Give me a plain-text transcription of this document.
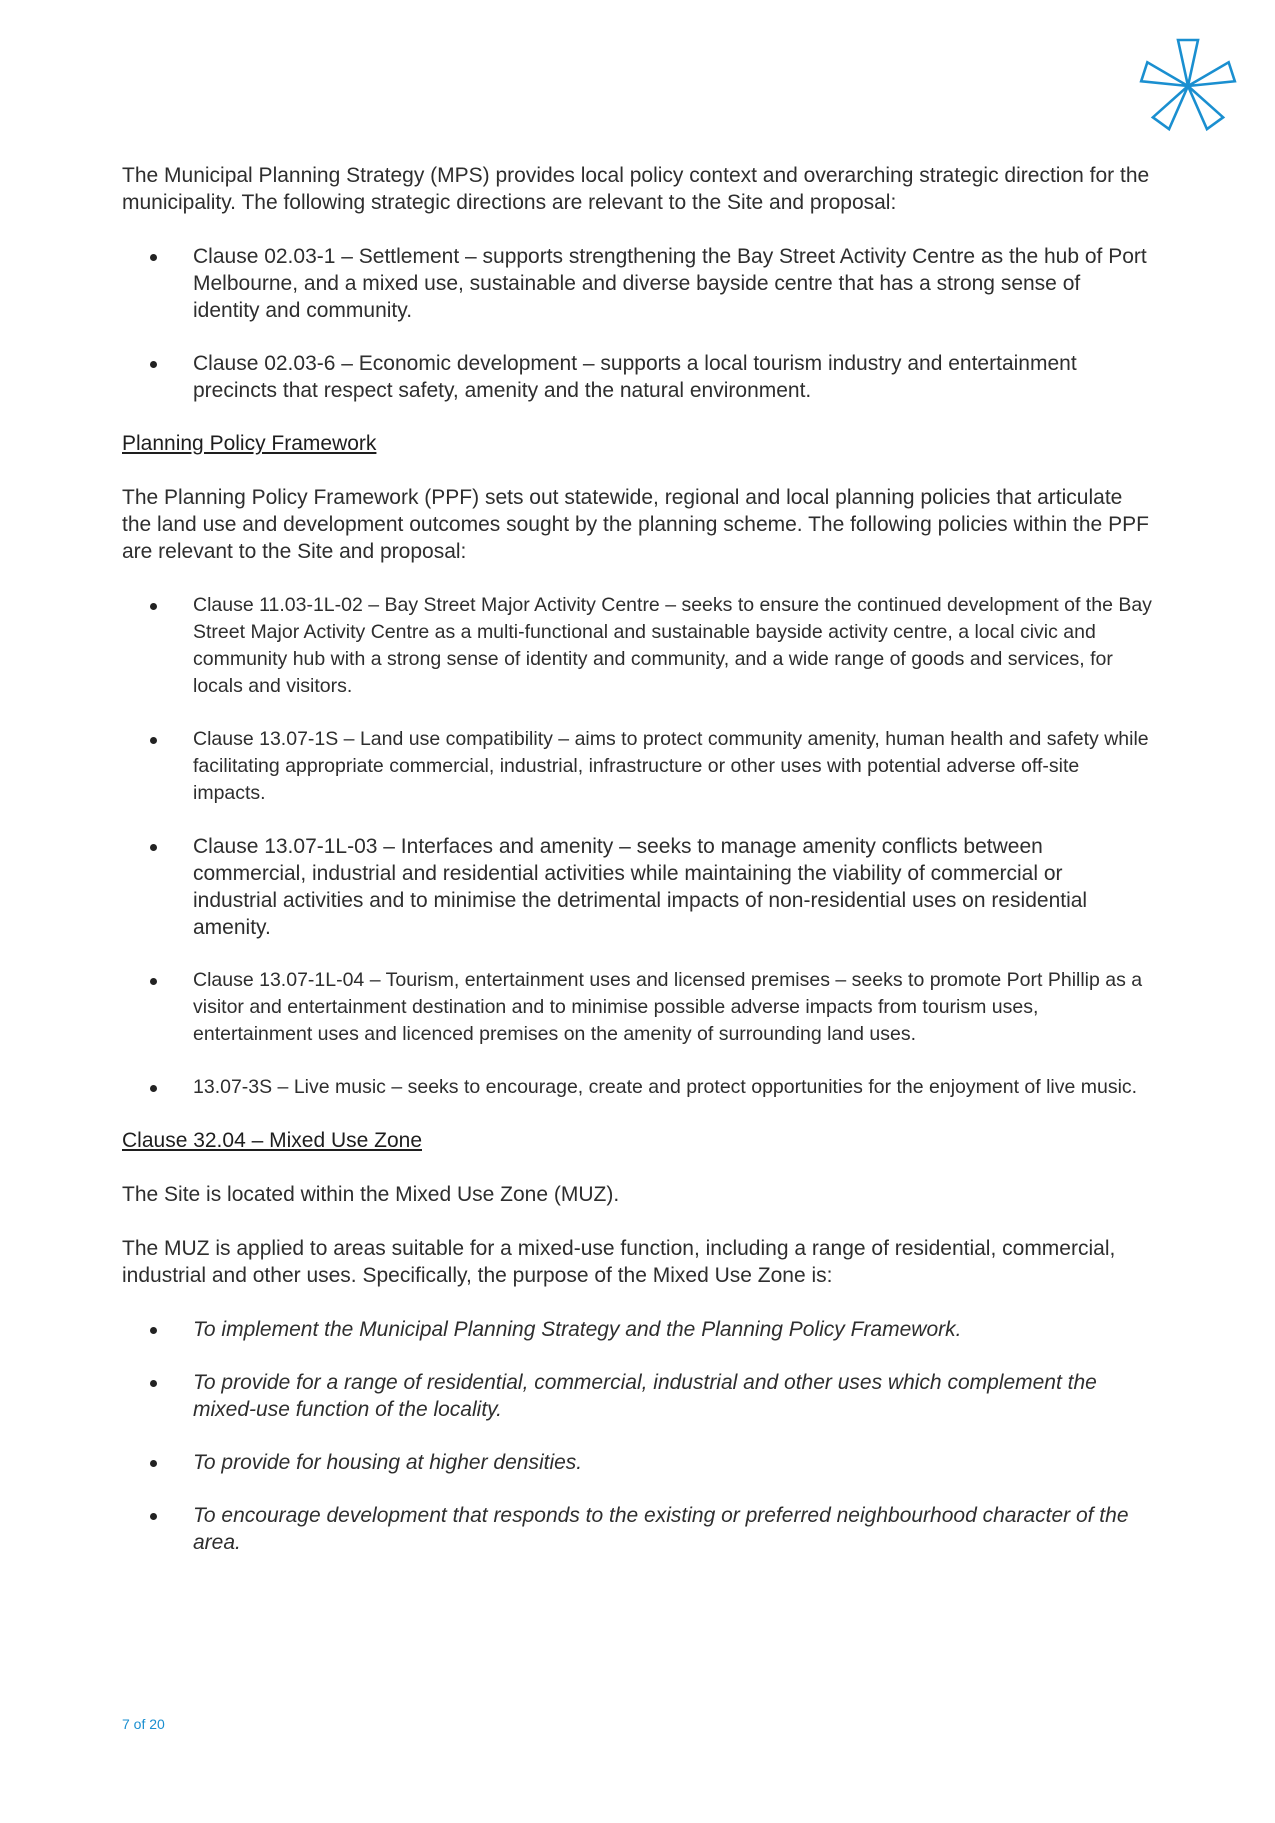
The Municipal Planning Strategy (MPS) provides local policy context and overarching strategic direction for the municipality. The following strategic directions are relevant to the Site and proposal:

Clause 02.03-1 – Settlement – supports strengthening the Bay Street Activity Centre as the hub of Port Melbourne, and a mixed use, sustainable and diverse bayside centre that has a strong sense of identity and community.
Clause 02.03-6 – Economic development – supports a local tourism industry and entertainment precincts that respect safety, amenity and the natural environment.
Planning Policy Framework

The Planning Policy Framework (PPF) sets out statewide, regional and local planning policies that articulate the land use and development outcomes sought by the planning scheme. The following policies within the PPF are relevant to the Site and proposal:

Clause 11.03-1L-02 – Bay Street Major Activity Centre – seeks to ensure the continued development of the Bay Street Major Activity Centre as a multi-functional and sustainable bayside activity centre, a local civic and community hub with a strong sense of identity and community, and a wide range of goods and services, for locals and visitors.
Clause 13.07-1S – Land use compatibility – aims to protect community amenity, human health and safety while facilitating appropriate commercial, industrial, infrastructure or other uses with potential adverse off-site impacts.
Clause 13.07-1L-03 – Interfaces and amenity – seeks to manage amenity conflicts between commercial, industrial and residential activities while maintaining the viability of commercial or industrial activities and to minimise the detrimental impacts of non-residential uses on residential amenity.
Clause 13.07-1L-04 – Tourism, entertainment uses and licensed premises – seeks to promote Port Phillip as a visitor and entertainment destination and to minimise possible adverse impacts from tourism uses, entertainment uses and licenced premises on the amenity of surrounding land uses.
13.07-3S – Live music – seeks to encourage, create and protect opportunities for the enjoyment of live music.
Clause 32.04 – Mixed Use Zone

The Site is located within the Mixed Use Zone (MUZ).

The MUZ is applied to areas suitable for a mixed-use function, including a range of residential, commercial, industrial and other uses. Specifically, the purpose of the Mixed Use Zone is:

To implement the Municipal Planning Strategy and the Planning Policy Framework.
To provide for a range of residential, commercial, industrial and other uses which complement the mixed-use function of the locality.
To provide for housing at higher densities.
To encourage development that responds to the existing or preferred neighbourhood character of the area.
7 of 20
